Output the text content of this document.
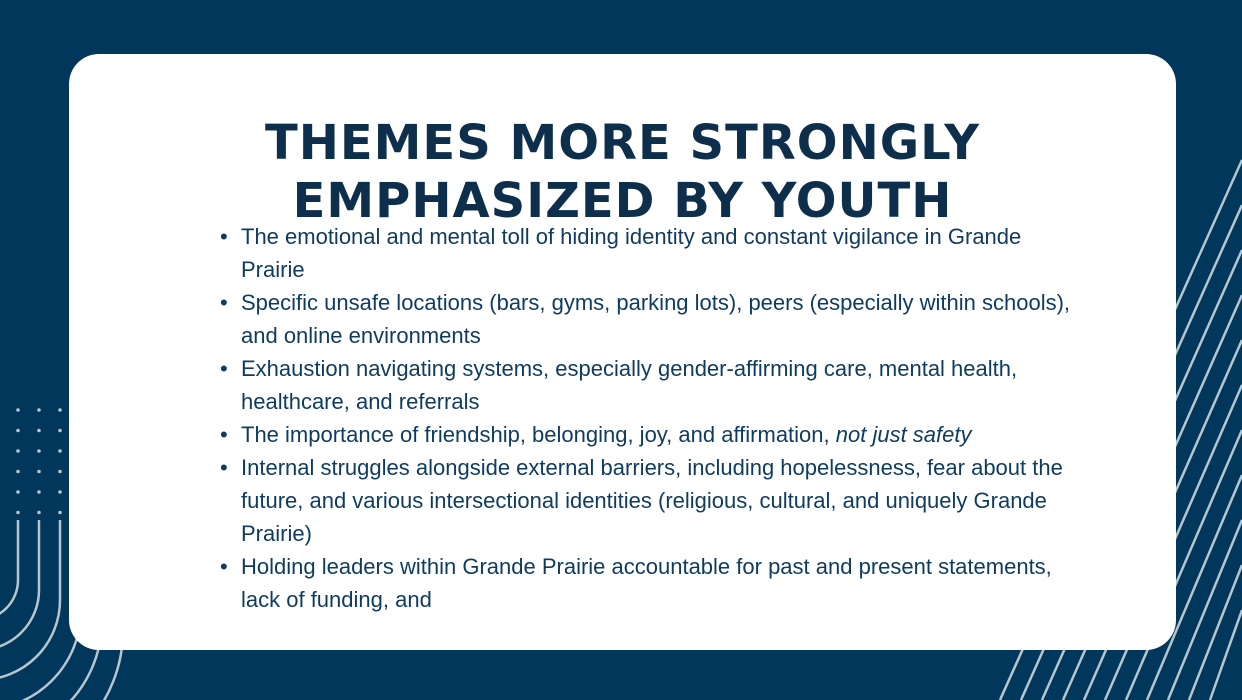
THEMES MORE STRONGLY
EMPHASIZED BY YOUTH
• The emotional and mental toll of hiding identity and constant vigilance in Grande Prairie
• Specific unsafe locations (bars, gyms, parking lots), peers (especially within schools), and online environments
• Exhaustion navigating systems, especially gender-affirming care, mental health, healthcare, and referrals
• The importance of friendship, belonging, joy, and affirmation, not just safety
• Internal struggles alongside external barriers, including hopelessness, fear about the future, and various intersectional identities (religious, cultural, and uniquely Grande Prairie)
• Holding leaders within Grande Prairie accountable for past and present statements, lack of funding, and
